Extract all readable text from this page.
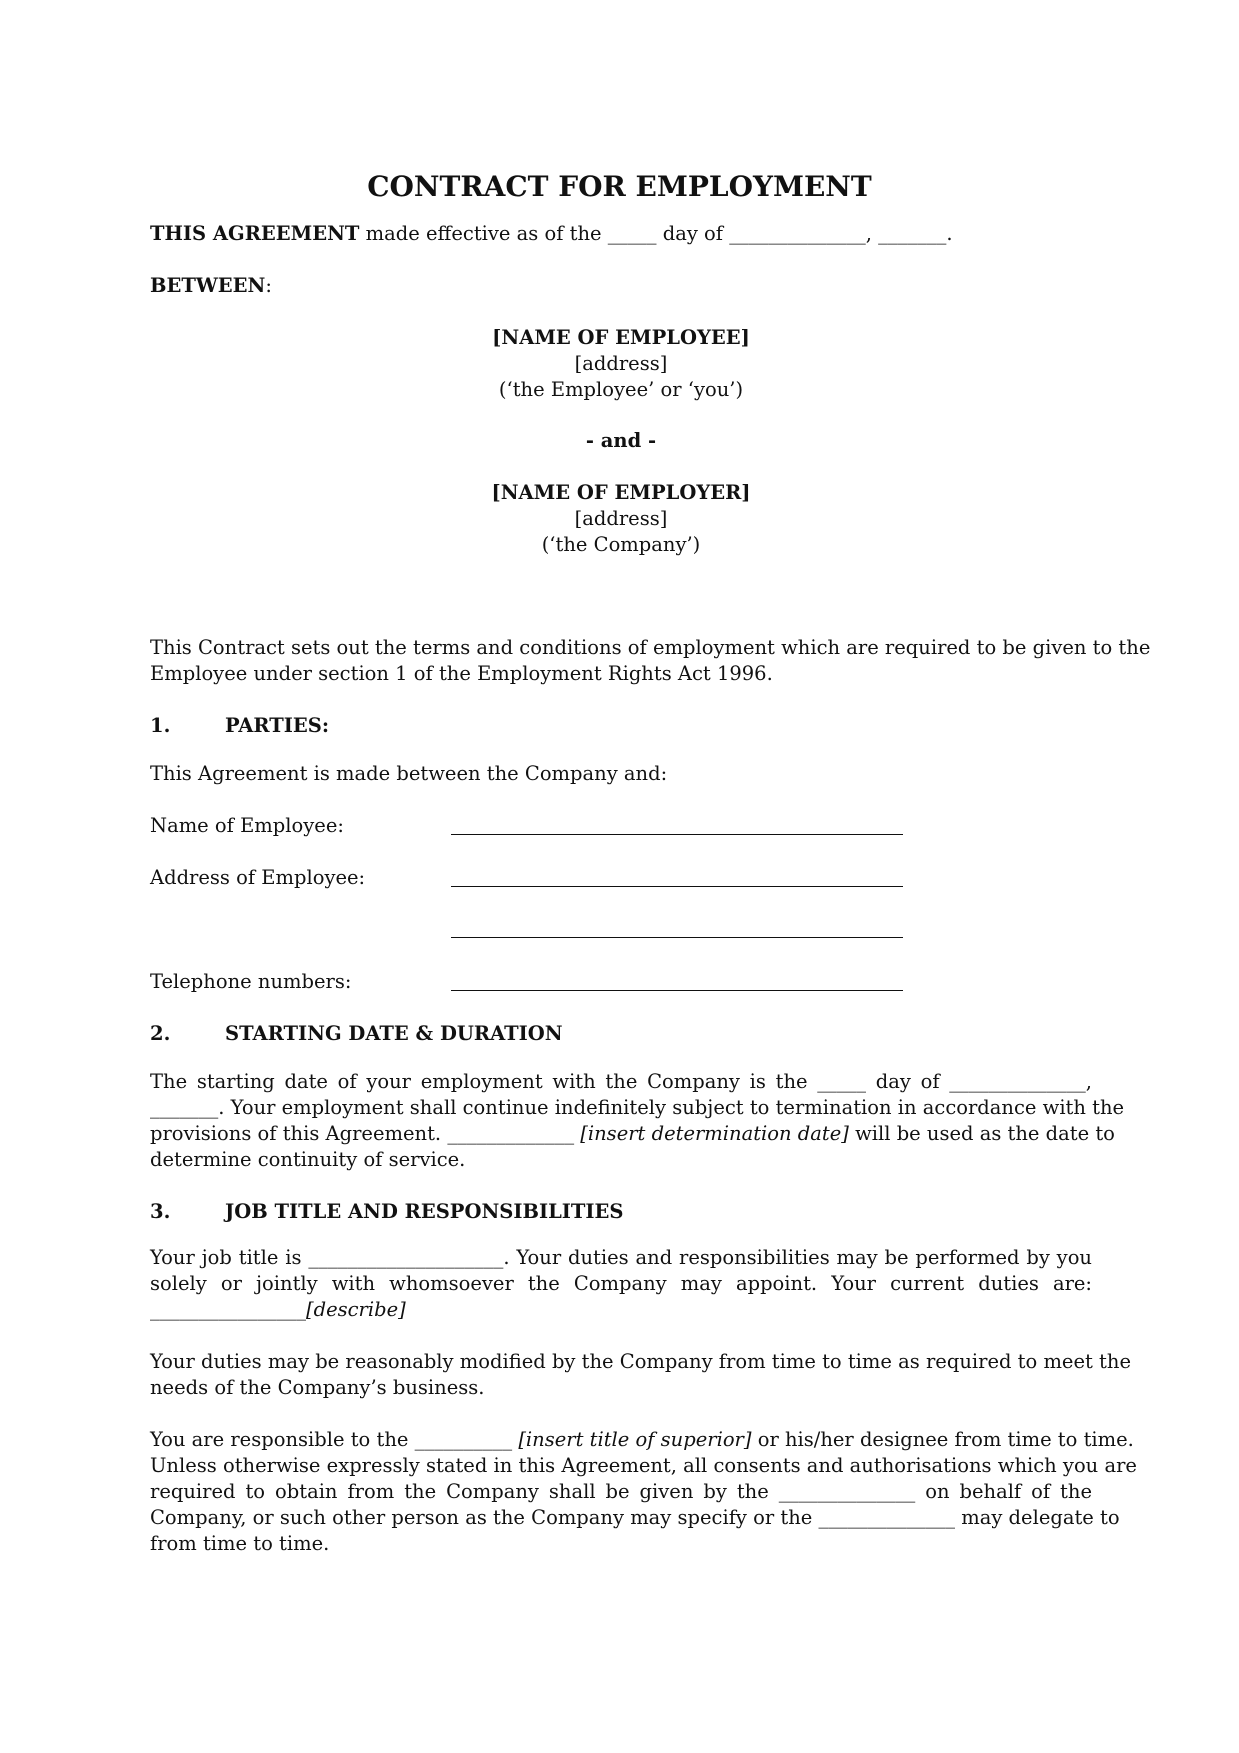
CONTRACT FOR EMPLOYMENT
THIS AGREEMENT made effective as of the _____ day of ______________, _______.
BETWEEN:
[NAME OF EMPLOYEE]
[address]
(‘the Employee’ or ‘you’)
- and -
[NAME OF EMPLOYER]
[address]
(‘the Company’)
This Contract sets out the terms and conditions of employment which are required to be given to the
Employee under section 1 of the Employment Rights Act 1996.
1.	PARTIES:
This Agreement is made between the Company and:
Name of Employee:
Address of Employee:
Telephone numbers:
2.	STARTING DATE & DURATION
The starting date of your employment with the Company is the _____ day of ______________,
_______. Your employment shall continue indefinitely subject to termination in accordance with the
provisions of this Agreement. _____________ [insert determination date] will be used as the date to
determine continuity of service.
3.	JOB TITLE AND RESPONSIBILITIES
Your job title is ____________________. Your duties and responsibilities may be performed by you
solely or jointly with whomsoever the Company may appoint. Your current duties are:
________________[describe]
Your duties may be reasonably modified by the Company from time to time as required to meet the
needs of the Company’s business.
You are responsible to the __________ [insert title of superior] or his/her designee from time to time.
Unless otherwise expressly stated in this Agreement, all consents and authorisations which you are
required to obtain from the Company shall be given by the ______________ on behalf of the
Company, or such other person as the Company may specify or the ______________ may delegate to
from time to time.
